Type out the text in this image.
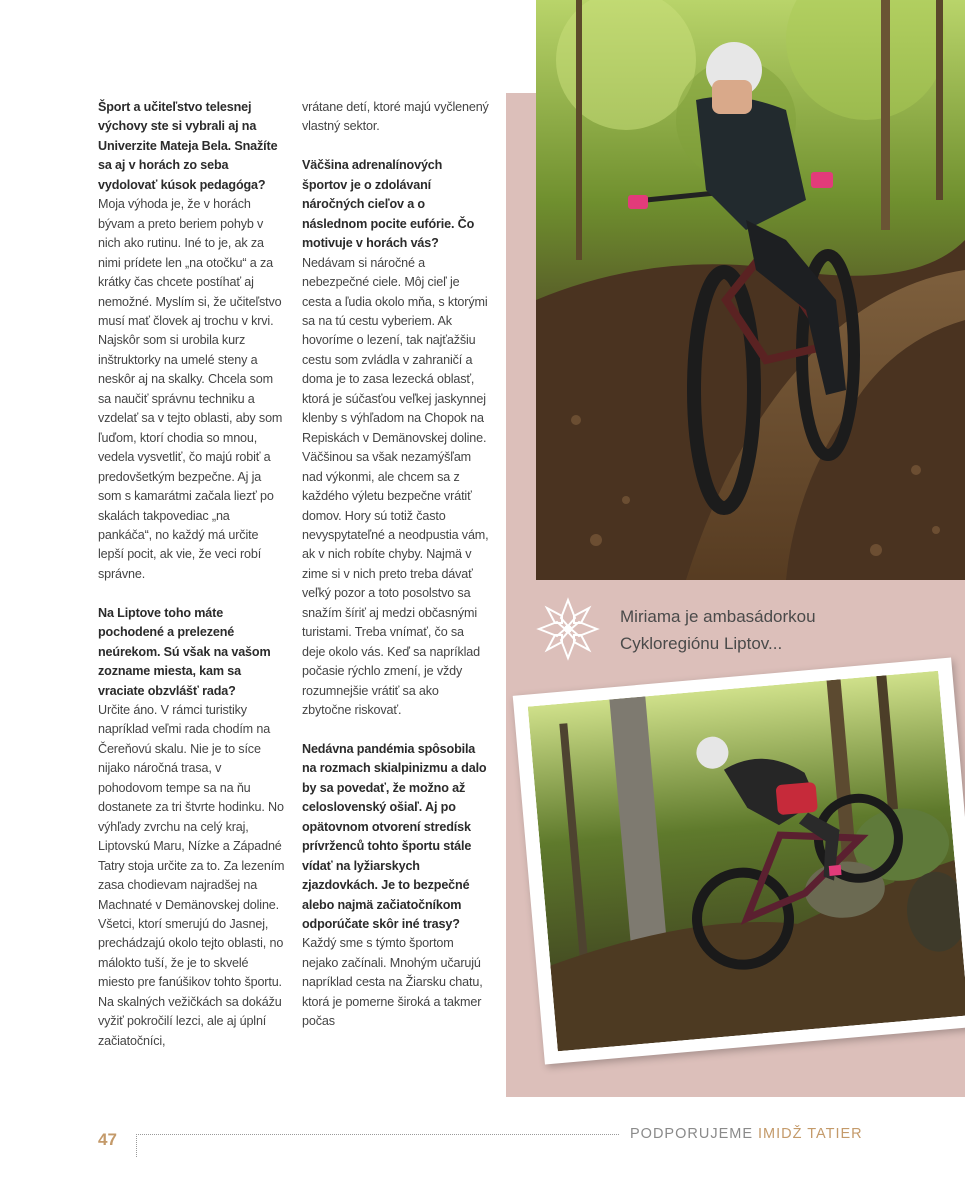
Šport a učiteľstvo telesnej výchovy ste si vybrali aj na Univerzite Mateja Bela. Snažíte sa aj v horách zo seba vydolovať kúsok pedagóga?
Moja výhoda je, že v horách bývam a preto beriem pohyb v nich ako rutinu. Iné to je, ak za nimi prídete len „na otočku“ a za krátky čas chcete postíhať aj nemožné. Myslím si, že učiteľstvo musí mať človek aj trochu v krvi. Najskôr som si urobila kurz inštruktorky na umelé steny a neskôr aj na skalky. Chcela som sa naučiť správnu techniku a vzdelať sa v tejto oblasti, aby som ľuďom, ktorí chodia so mnou, vedela vysvetliť, čo majú robiť a predovšetkým bezpečne. Aj ja som s kamarátmi začala liezť po skalách takpovediac „na pankáča“, no každý má určite lepší pocit, ak vie, že veci robí správne.
Na Liptove toho máte pochodené a prelezené neúrekom. Sú však na vašom zozname miesta, kam sa vraciate obzvlášť rada?
Určite áno. V rámci turistiky napríklad veľmi rada chodím na Čereňovú skalu. Nie je to síce nijako náročná trasa, v pohodovom tempe sa na ňu dostanete za tri štvrte hodinku. No výhľady zvrchu na celý kraj, Liptovskú Maru, Nízke a Západné Tatry stoja určite za to. Za lezením zasa chodievam najradšej na Machnaté v Demänovskej doline. Všetci, ktorí smerujú do Jasnej, prechádzajú okolo tejto oblasti, no málokto tuší, že je to skvelé miesto pre fanúšikov tohto športu. Na skalných vežičkách sa dokážu vyžiť pokročilí lezci, ale aj úplní začiatočníci,
vrátane detí, ktoré majú vyčlenený vlastný sektor.
Väčšina adrenalínových športov je o zdolávaní náročných cieľov a o následnom pocite eufórie. Čo motivuje v horách vás?
Nedávam si náročné a nebezpečné ciele. Môj cieľ je cesta a ľudia okolo mňa, s ktorými sa na tú cestu vyberiem. Ak hovoríme o lezení, tak najťažšiu cestu som zvládla v zahraničí a doma je to zasa lezecká oblasť, ktorá je súčasťou veľkej jaskynnej klenby s výhľadom na Chopok na Repiskách v Demänovskej doline. Väčšinou sa však nezamýšľam nad výkonmi, ale chcem sa z každého výletu bezpečne vrátiť domov. Hory sú totiž často nevyspytateľné a neodpustia vám, ak v nich robíte chyby. Najmä v zime si v nich preto treba dávať veľký pozor a toto posolstvo sa snažím šíriť aj medzi občasnými turistami. Treba vnímať, čo sa deje okolo vás. Keď sa napríklad počasie rýchlo zmení, je vždy rozumnejšie vrátiť sa ako zbytočne riskovať.
Nedávna pandémia spôsobila na rozmach skialpinizmu a dalo by sa povedať, že možno až celoslovenský ošiaľ. Aj po opätovnom otvorení stredísk prívrženců tohto športu stále vídať na lyžiarskych zjazdovkách. Je to bezpečné alebo najmä začiatočníkom odporúčate skôr iné trasy?
Každý sme s týmto športom nejako začínali. Mnohým učarujú napríklad cesta na Žiarsku chatu, ktorá je pomerne široká a takmer počas
Miriama je ambasádorkou
Cykloregiónu Liptov...
47	PODPORUJEME IMIDŽ TATIER
